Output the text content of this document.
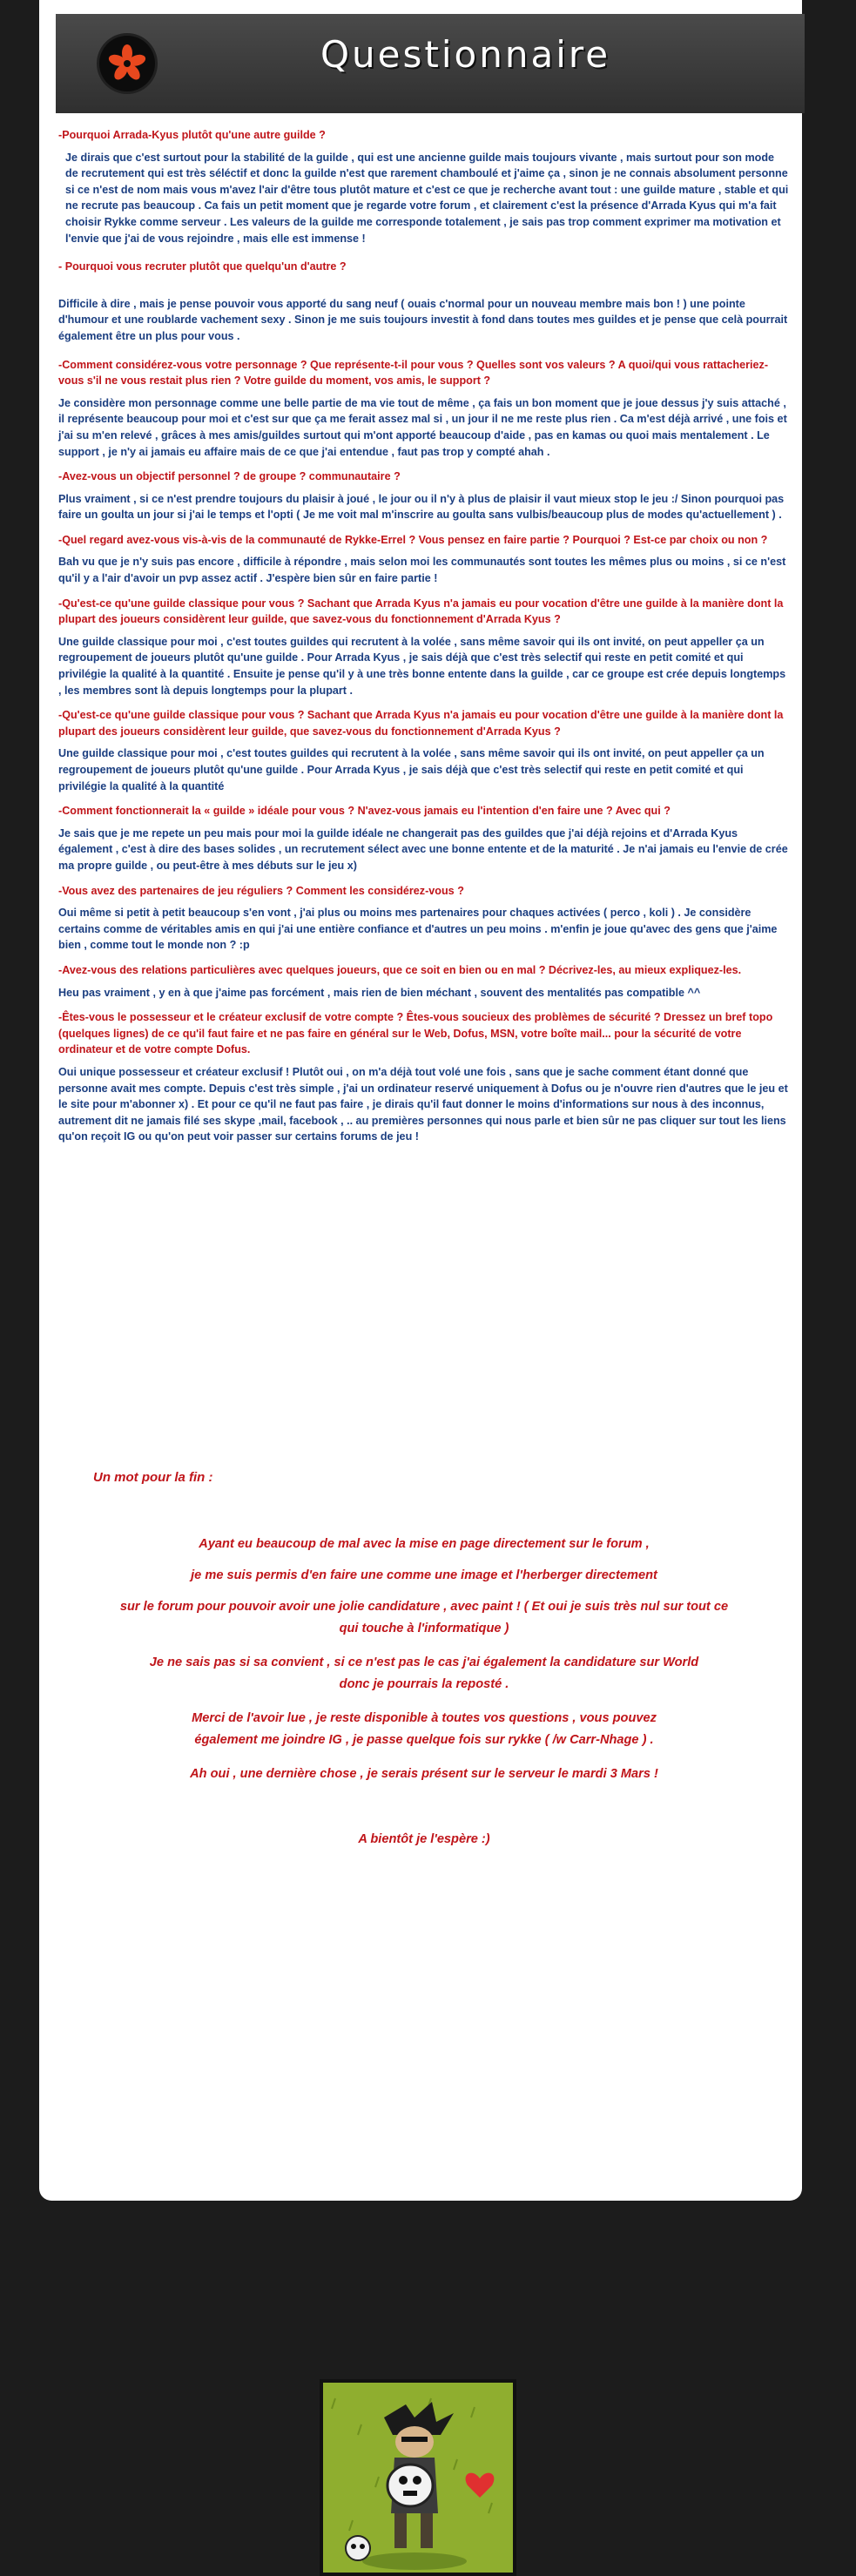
Questionnaire

-Pourquoi Arrada-Kyus plutôt qu'une autre guilde ?

Je dirais que c'est surtout pour la stabilité de la guilde , qui est une ancienne guilde mais toujours vivante , mais surtout pour son mode de recrutement qui est très séléctif et donc la guilde n'est que rarement chamboulé et j'aime ça , sinon je ne connais absolument personne si ce n'est de nom mais vous m'avez l'air d'être tous plutôt mature et c'est ce que je recherche avant tout : une guilde mature , stable et qui ne recrute pas beaucoup . Ca fais un petit moment que je regarde votre forum , et clairement c'est la présence d'Arrada Kyus qui m'a fait choisir Rykke comme serveur . Les valeurs de la guilde me corresponde totalement , je sais pas trop comment exprimer ma motivation et l'envie que j'ai de vous rejoindre , mais elle est immense !

- Pourquoi vous recruter plutôt que quelqu'un d'autre ?

Difficile à dire , mais je pense pouvoir vous apporté du sang neuf ( ouais c'normal pour un nouveau membre mais bon ! ) une pointe d'humour et une roublarde vachement sexy . Sinon je me suis toujours investit à fond dans toutes mes guildes et je pense que celà pourrait également être un plus pour vous .

-Comment considérez-vous votre personnage ? Que représente-t-il pour vous ? Quelles sont vos valeurs ? A quoi/qui vous rattacheriez-vous s'il ne vous restait plus rien ? Votre guilde du moment, vos amis, le support ?

Je considère mon personnage comme une belle partie de ma vie tout de même , ça fais un bon moment que je joue dessus j'y suis attaché , il représente beaucoup pour moi et c'est sur que ça me ferait assez mal si , un jour il ne me reste plus rien . Ca m'est déjà arrivé , une fois et j'ai su m'en relevé , grâces à mes amis/guildes surtout qui m'ont apporté beaucoup d'aide , pas en kamas ou quoi mais mentalement . Le support , je n'y ai jamais eu affaire mais de ce que j'ai entendue , faut pas trop y compté ahah .

-Avez-vous un objectif personnel ? de groupe ? communautaire ?

Plus vraiment , si ce n'est prendre toujours du plaisir à joué , le jour ou il n'y à plus de plaisir il vaut mieux stop le jeu :/ Sinon pourquoi pas faire un goulta un jour si j'ai le temps et l'opti ( Je me voit mal m'inscrire au goulta sans vulbis/beaucoup plus de modes qu'actuellement ) .

-Quel regard avez-vous vis-à-vis de la communauté de Rykke-Errel ? Vous pensez en faire partie ? Pourquoi ? Est-ce par choix ou non ?

Bah vu que je n'y suis pas encore , difficile à répondre , mais selon moi les communautés sont toutes les mêmes plus ou moins , si ce n'est qu'il y a l'air d'avoir un pvp assez actif . J'espère bien sûr en faire partie !

-Qu'est-ce qu'une guilde classique pour vous ? Sachant que Arrada Kyus n'a jamais eu pour vocation d'être une guilde à la manière dont la plupart des joueurs considèrent leur guilde, que savez-vous du fonctionnement d'Arrada Kyus ?

Une guilde classique pour moi , c'est toutes guildes qui recrutent à la volée , sans même savoir qui ils ont invité, on peut appeller ça un regroupement de joueurs plutôt qu'une guilde . Pour Arrada Kyus , je sais déjà que c'est très selectif qui reste en petit comité et qui privilégie la qualité à la quantité . Ensuite je pense qu'il y à une très bonne entente dans la guilde , car ce groupe est crée depuis longtemps , les membres sont là depuis longtemps pour la plupart .

-Qu'est-ce qu'une guilde classique pour vous ? Sachant que Arrada Kyus n'a jamais eu pour vocation d'être une guilde à la manière dont la plupart des joueurs considèrent leur guilde, que savez-vous du fonctionnement d'Arrada Kyus ?

Une guilde classique pour moi , c'est toutes guildes qui recrutent à la volée , sans même savoir qui ils ont invité, on peut appeller ça un regroupement de joueurs plutôt qu'une guilde . Pour Arrada Kyus , je sais déjà que c'est très selectif qui reste en petit comité et qui privilégie la qualité à la quantité

-Comment fonctionnerait la « guilde » idéale pour vous ? N'avez-vous jamais eu l'intention d'en faire une ? Avec qui ?

Je sais que je me repete un peu mais pour moi la guilde idéale ne changerait pas des guildes que j'ai déjà rejoins et d'Arrada Kyus également , c'est à dire des bases solides , un recrutement sélect avec une bonne entente et de la maturité . Je n'ai jamais eu l'envie de crée ma propre guilde , ou peut-être à mes débuts sur le jeu x)

-Vous avez des partenaires de jeu réguliers ? Comment les considérez-vous ?

Oui même si petit à petit beaucoup s'en vont , j'ai plus ou moins mes partenaires pour chaques activées ( perco , koli ) . Je considère certains comme de véritables amis en qui j'ai une entière confiance et d'autres un peu moins . m'enfin je joue qu'avec des gens que j'aime bien , comme tout le monde non ? :p

-Avez-vous des relations particulières avec quelques joueurs, que ce soit en bien ou en mal ? Décrivez-les, au mieux expliquez-les.

Heu pas vraiment , y en à que j'aime pas forcément , mais rien de bien méchant , souvent des mentalités pas compatible ^^

-Êtes-vous le possesseur et le créateur exclusif de votre compte ? Êtes-vous soucieux des problèmes de sécurité ? Dressez un bref topo (quelques lignes) de ce qu'il faut faire et ne pas faire en général sur le Web, Dofus, MSN, votre boîte mail... pour la sécurité de votre ordinateur et de votre compte Dofus.

Oui unique possesseur et créateur exclusif ! Plutôt oui , on m'a déjà tout volé une fois , sans que je sache comment étant donné que personne avait mes compte. Depuis c'est très simple , j'ai un ordinateur reservé uniquement à Dofus ou je n'ouvre rien d'autres que le jeu et le site pour m'abonner x) . Et pour ce qu'il ne faut pas faire , je dirais qu'il faut donner le moins d'informations sur nous à des inconnus, autrement dit ne jamais filé ses skype ,mail, facebook , .. au premières personnes qui nous parle et bien sûr ne pas cliquer sur tout les liens qu'on reçoit IG ou qu'on peut voir passer sur certains forums de jeu !

Un mot pour la fin :

Ayant eu beaucoup de mal avec la mise en page directement sur le forum ,

je me suis permis d'en faire une comme une image et l'herberger directement

sur le forum pour pouvoir avoir une jolie candidature , avec paint ! ( Et oui je suis très nul sur tout ce qui touche à l'informatique )

Je ne sais pas si sa convient , si ce n'est pas le cas j'ai également la candidature sur World donc je pourrais la reposté .

Merci de l'avoir lue , je reste disponible à toutes vos questions , vous pouvez également me joindre IG , je passe quelque fois sur rykke ( /w Carr-Nhage ) .

Ah oui , une dernière chose , je serais présent sur le serveur le mardi 3 Mars !

A bientôt je l'espère :)
